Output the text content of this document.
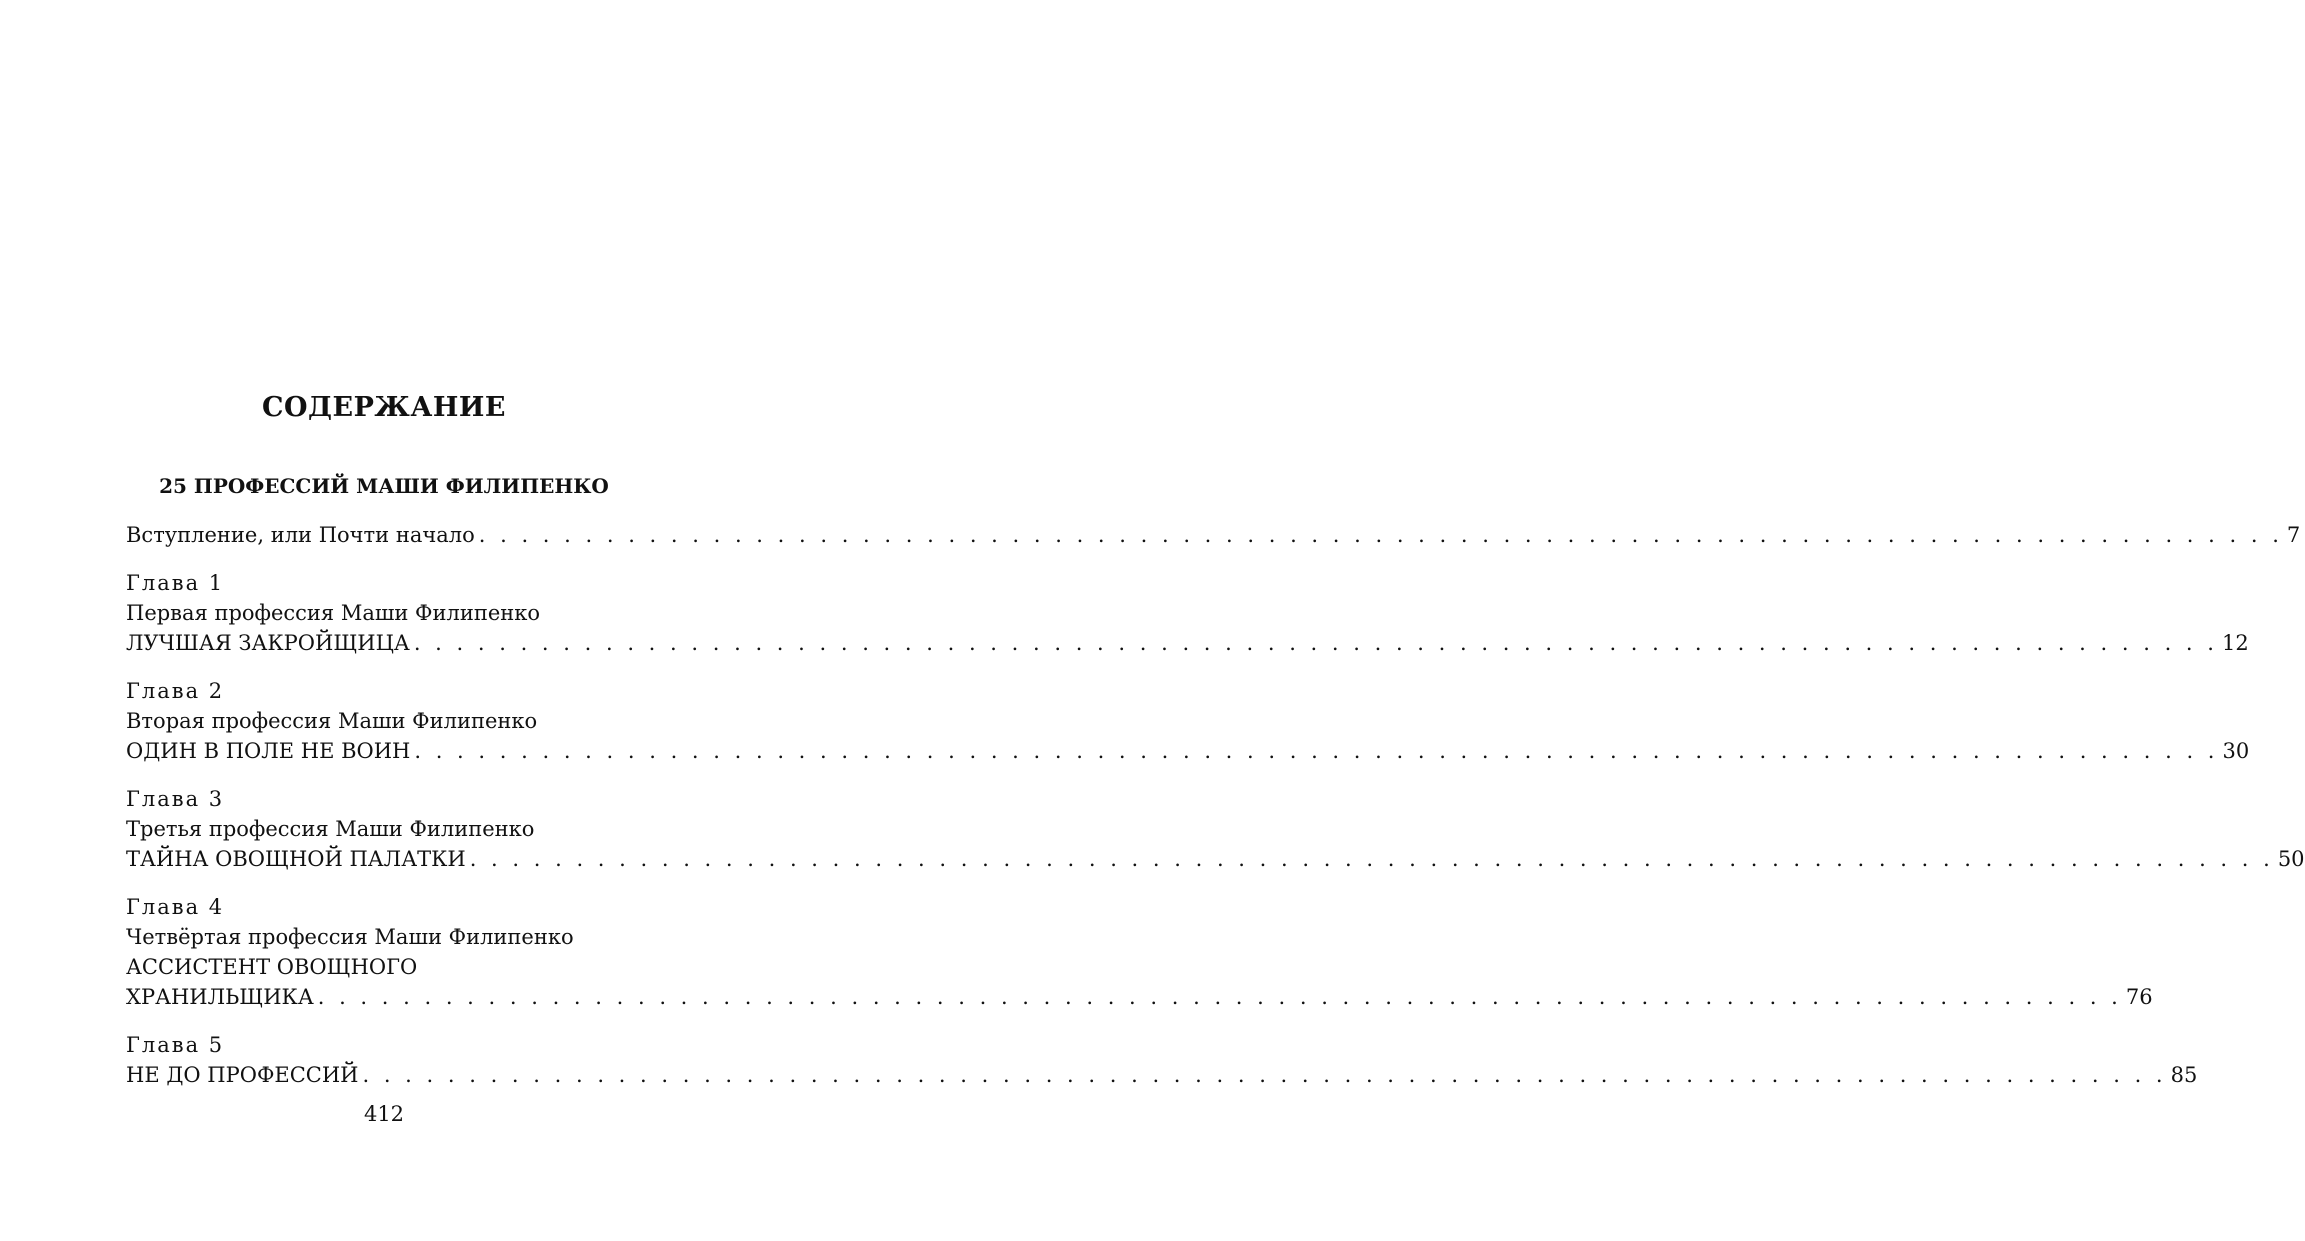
СОДЕРЖАНИЕ
25 ПРОФЕССИЙ МАШИ ФИЛИПЕНКО
Вступление, или Почти начало . . . . . . . . . . . . . . . . . . . . . . . . . . . . . . . . . . . . . . . . . . . . . . . . . . . . . . . . . . . . . . . . . . . . . . . . . . . . . . . . . . . . . 7
Глава 1
Первая профессия Маши Филипенко
ЛУЧШАЯ ЗАКРОЙЩИЦА . . . . . . . . . . . . . . . . . . . . . . . . . . . . . . . . . . . . . . . . . . . . . . . . . . . . . . . . . . . . . . . . . . . . . . . . . . . . . . . . . . . . . 12
Глава 2
Вторая профессия Маши Филипенко
ОДИН В ПОЛЕ НЕ ВОИН . . . . . . . . . . . . . . . . . . . . . . . . . . . . . . . . . . . . . . . . . . . . . . . . . . . . . . . . . . . . . . . . . . . . . . . . . . . . . . . . . . . . . 30
Глава 3
Третья профессия Маши Филипенко
ТАЙНА ОВОЩНОЙ ПАЛАТКИ . . . . . . . . . . . . . . . . . . . . . . . . . . . . . . . . . . . . . . . . . . . . . . . . . . . . . . . . . . . . . . . . . . . . . . . . . . . . . . . . . . . . . 50
Глава 4
Четвёртая профессия Маши Филипенко
АССИСТЕНТ ОВОЩНОГО
ХРАНИЛЬЩИКА . . . . . . . . . . . . . . . . . . . . . . . . . . . . . . . . . . . . . . . . . . . . . . . . . . . . . . . . . . . . . . . . . . . . . . . . . . . . . . . . . . . . . 76
Глава 5
НЕ ДО ПРОФЕССИЙ . . . . . . . . . . . . . . . . . . . . . . . . . . . . . . . . . . . . . . . . . . . . . . . . . . . . . . . . . . . . . . . . . . . . . . . . . . . . . . . . . . . . . 85
412
